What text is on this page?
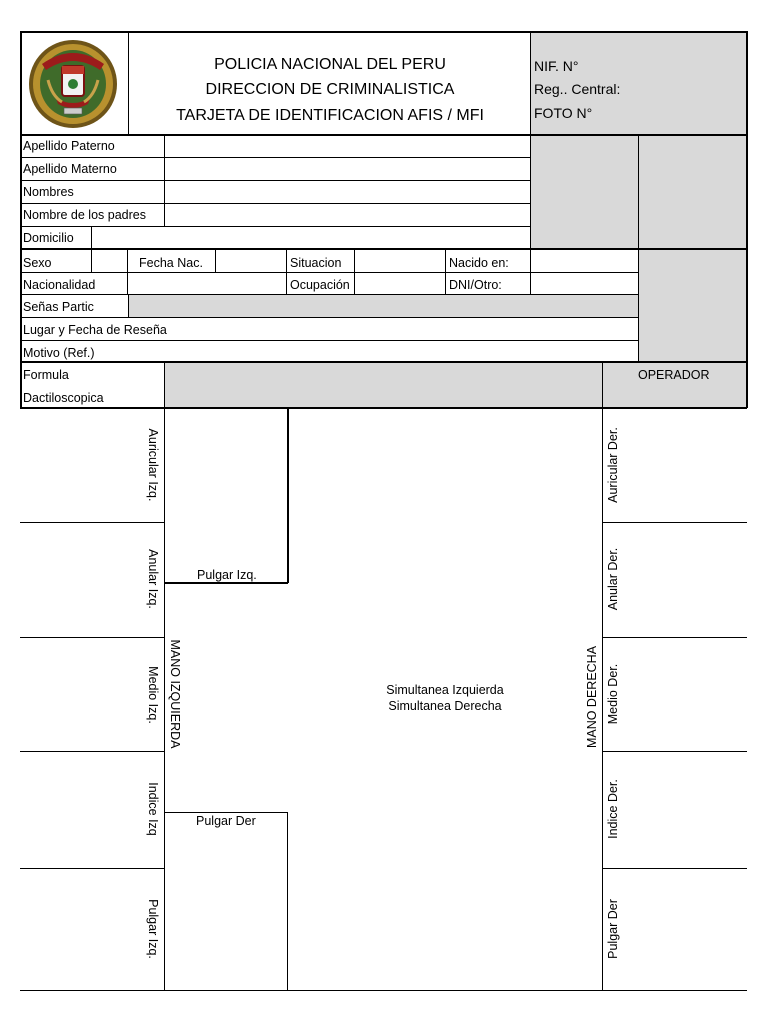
POLICIA NACIONAL DEL PERU
DIRECCION DE CRIMINALISTICA
TARJETA DE IDENTIFICACION AFIS / MFI
NIF. N°
Reg.. Central:
FOTO N°
Apellido Paterno
Apellido Materno
Nombres
Nombre de los padres
Domicilio
Sexo	Fecha Nac.	Situacion	Nacido en:
Nacionalidad	Ocupación	DNI/Otro:
Señas Partic
Lugar y Fecha de Reseña
Motivo (Ref.)
Formula
Dactiloscopica
OPERADOR
Auricular Izq.
Anular Izq.
Medio Izq.
Indice Izq
Pulgar Izq.
MANO IZQUIERDA
Auricular Der.
Anular Der.
Medio Der.
Indice Der.
Pulgar Der
MANO DERECHA
Pulgar Izq.
Pulgar Der
Simultanea Izquierda
Simultanea Derecha
